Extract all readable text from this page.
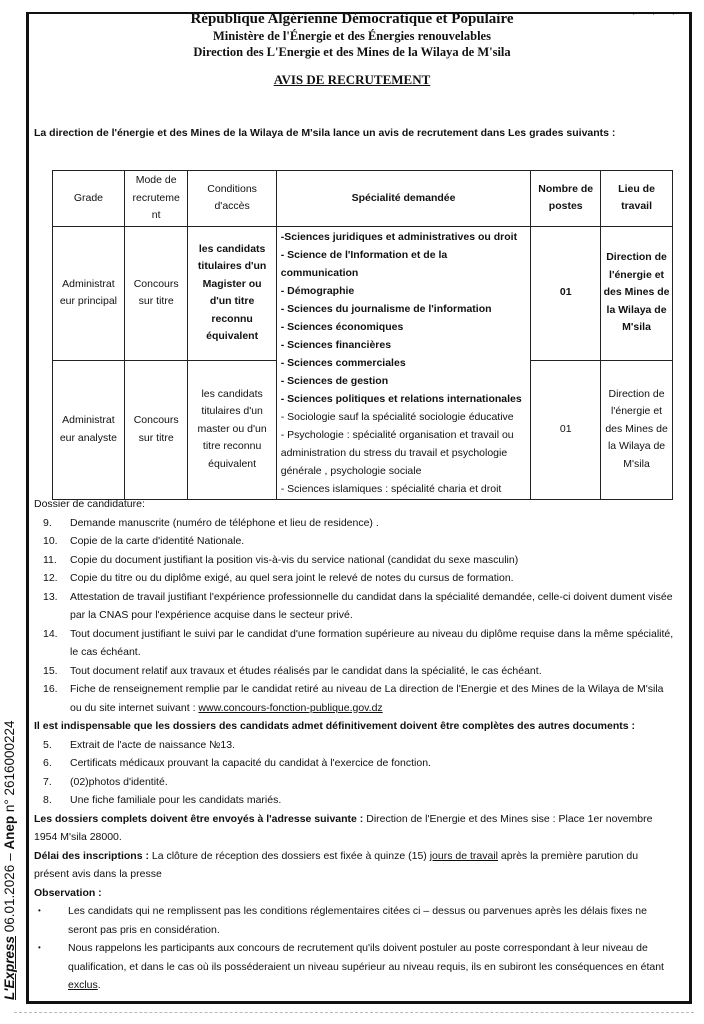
' ' '
République Algérienne Démocratique et Populaire
Ministère de l'Énergie et des Énergies renouvelables
Direction des L'Energie et des Mines de la Wilaya de M'sila
AVIS DE RECRUTEMENT
La direction de l'énergie et des Mines de la Wilaya de M'sila lance un avis de recrutement dans Les grades suivants :
Grade	Mode de recruteme nt	Conditions d'accès	Spécialité demandée	Nombre de postes	Lieu de travail
Administrat eur principal	Concours sur titre	les candidats titulaires d'un Magister ou d'un titre reconnu équivalent	
-Sciences juridiques et administratives ou droit
- Science de l'Information et de la communication
- Démographie
- Sciences du journalisme de l'information
- Sciences économiques
- Sciences financières
- Sciences commerciales
- Sciences de gestion
- Sciences politiques et relations internationales
- Sociologie sauf la spécialité sociologie éducative
- Psychologie : spécialité organisation et travail ou administration du stress du travail et psychologie générale , psychologie sociale
- Sciences islamiques : spécialité charia et droit
	01	Direction de l'énergie et des Mines de la Wilaya de M'sila
Administrat eur analyste	Concours sur titre	les candidats titulaires d'un master ou d'un titre reconnu équivalent		01	Direction de l'énergie et des Mines de la Wilaya de M'sila
Dossier de candidature:
9. Demande manuscrite (numéro de téléphone et lieu de residence) .
10. Copie de la carte d'identité Nationale.
11. Copie du document justifiant la position vis-à-vis du service national (candidat du sexe masculin)
12. Copie du titre ou du diplôme exigé, au quel sera joint le relevé de notes du cursus de formation.
13. Attestation de travail justifiant l'expérience professionnelle du candidat dans la spécialité demandée, celle-ci doivent dument visée par la CNAS pour l'expérience acquise dans le secteur privé.
14. Tout document justifiant le suivi par le candidat d'une formation supérieure au niveau du diplôme requise dans la même spécialité, le cas échéant.
15. Tout document relatif aux travaux et études réalisés par le candidat dans la spécialité, le cas échéant.
16. Fiche de renseignement remplie par le candidat retiré au niveau de La direction de l'Energie et des Mines de la Wilaya de M'sila ou du site internet suivant : www.concours-fonction-publique.gov.dz
Il est indispensable que les dossiers des candidats admet définitivement doivent être complètes des autres documents :
5. Extrait de l'acte de naissance №13.
6. Certificats médicaux prouvant la capacité du candidat à l'exercice de fonction.
7. (02)photos d'identité.
8. Une fiche familiale pour les candidats mariés.
Les dossiers complets doivent être envoyés à l'adresse suivante : Direction de l'Energie et des Mines sise : Place 1er novembre 1954 M'sila 28000.
Délai des inscriptions : La clôture de réception des dossiers est fixée à quinze (15) jours de travail après la première parution du présent avis dans la presse
Observation :
• Les candidats qui ne remplissent pas les conditions réglementaires citées ci – dessus ou parvenues après les délais fixes ne seront pas pris en considération.
• Nous rappelons les participants aux concours de recrutement qu'ils doivent postuler au poste correspondant à leur niveau de qualification, et dans le cas où ils posséderaient un niveau supérieur au niveau requis, ils en subiront les conséquences en étant exclus.
L'Express 06.01.2026 – Anep n° 2616000224
